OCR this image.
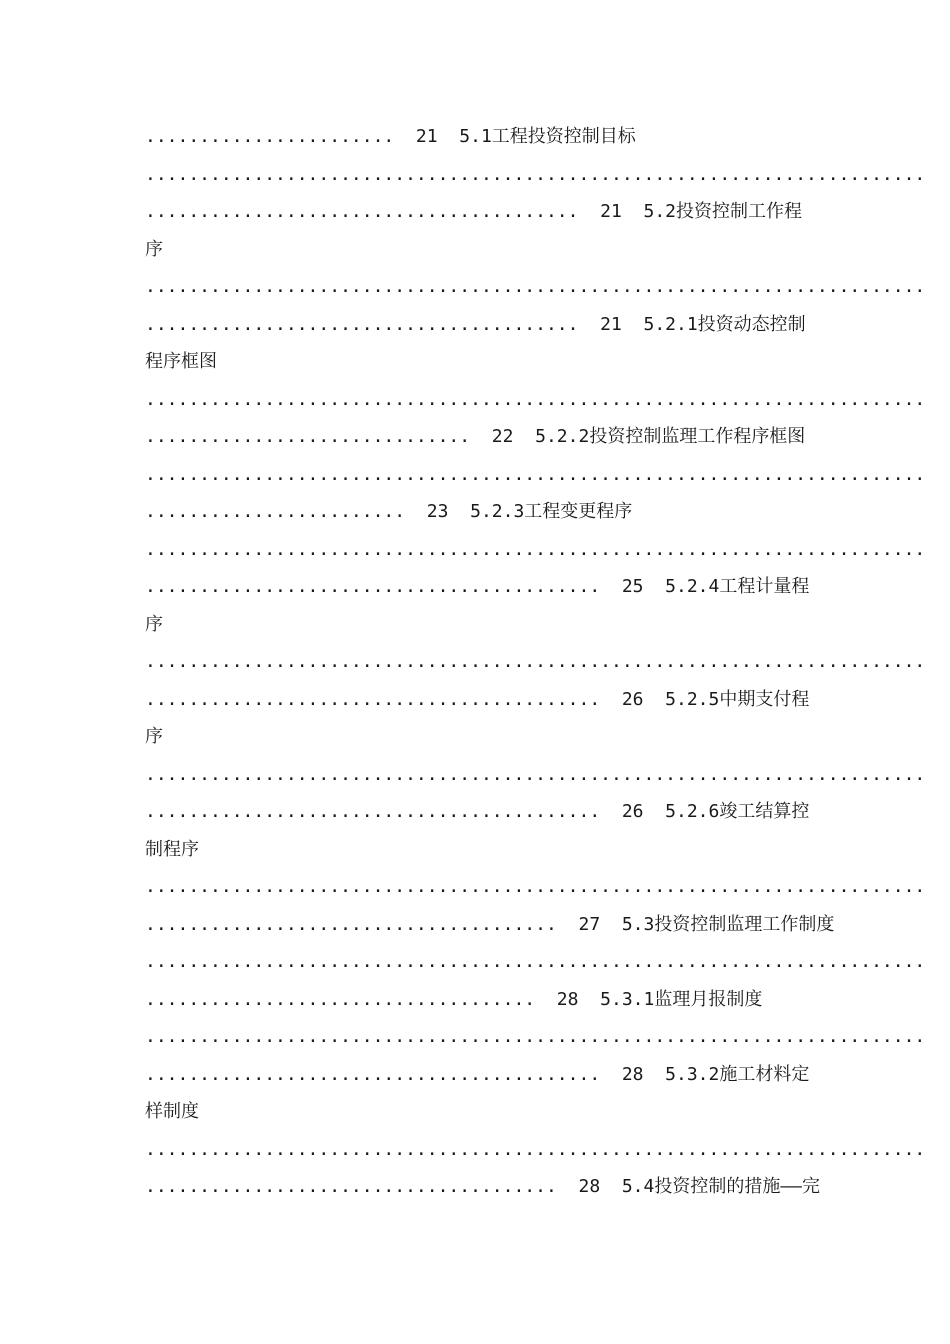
.......................  21  5.1工程投资控制目标
........................................................................
........................................  21  5.2投资控制工作程
序
........................................................................
........................................  21  5.2.1投资动态控制
程序框图
........................................................................
..............................  22  5.2.2投资控制监理工作程序框图
........................................................................
........................  23  5.2.3工程变更程序
........................................................................
..........................................  25  5.2.4工程计量程
序
........................................................................
..........................................  26  5.2.5中期支付程
序
........................................................................
..........................................  26  5.2.6竣工结算控
制程序
........................................................................
......................................  27  5.3投资控制监理工作制度
........................................................................
....................................  28  5.3.1监理月报制度
........................................................................
..........................................  28  5.3.2施工材料定
样制度
........................................................................
......................................  28  5.4投资控制的措施——完
